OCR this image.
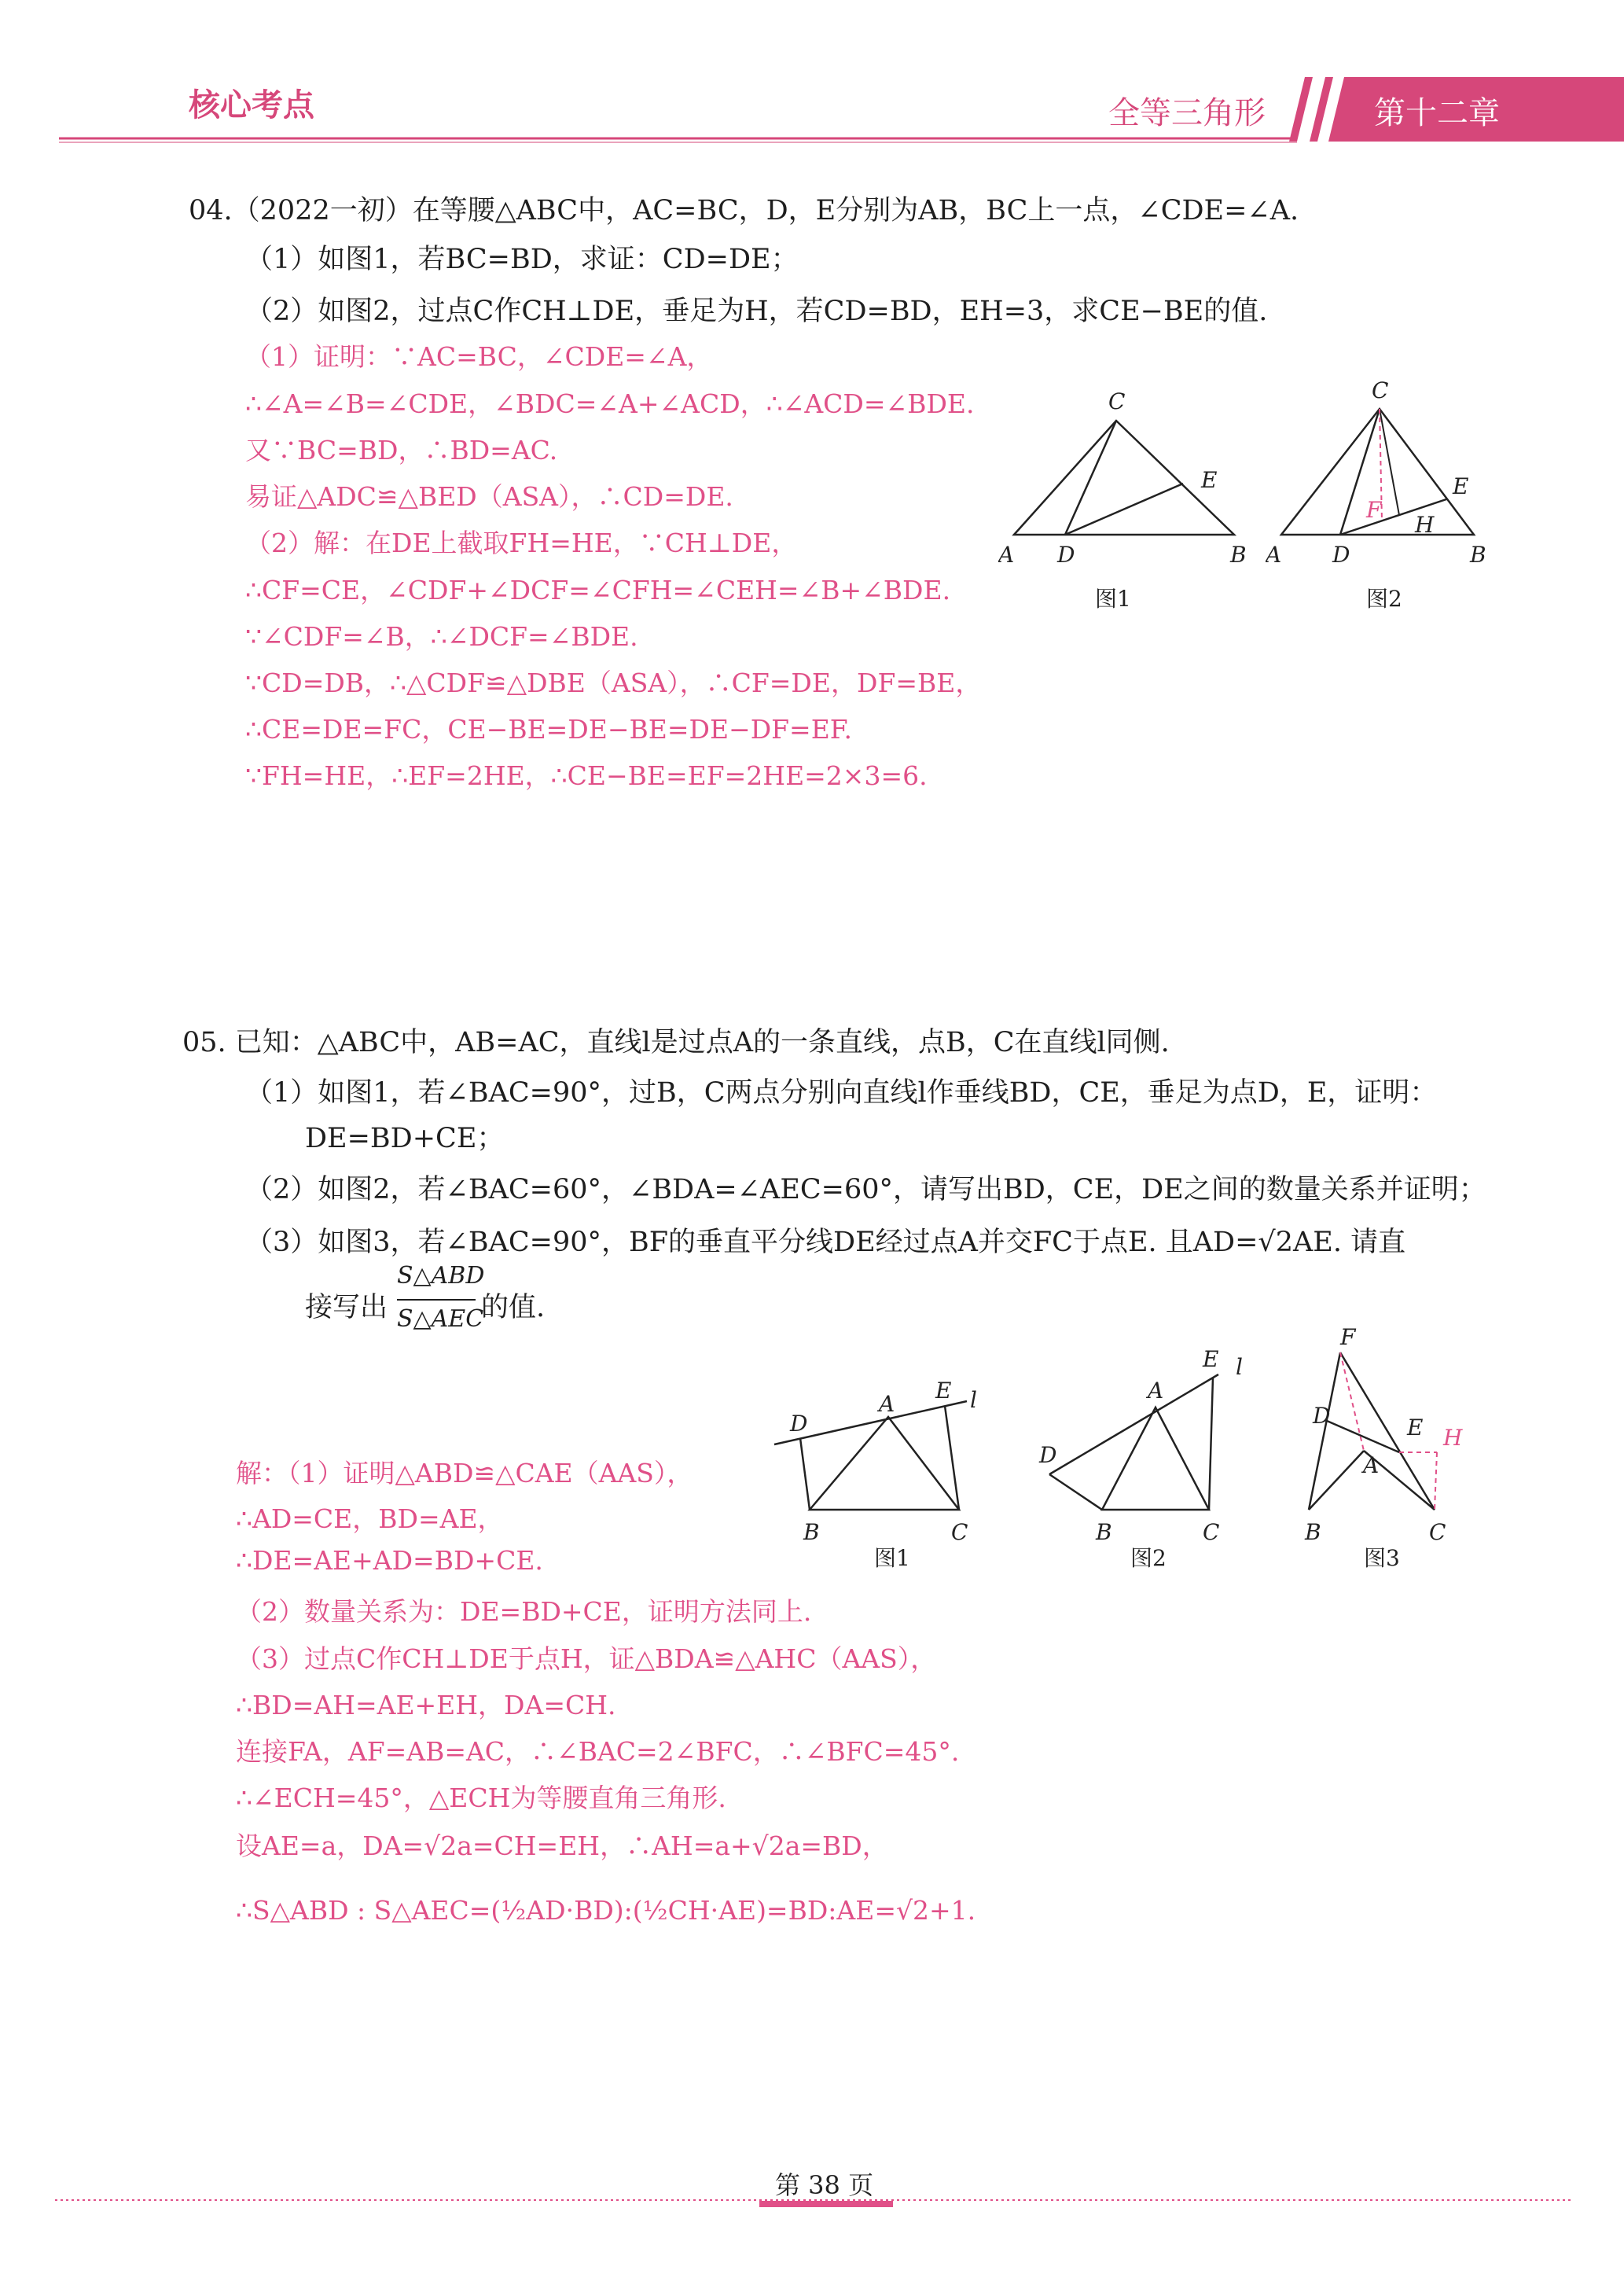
核心考点	全等三角形	第十二章
04.（2022一初）在等腰△ABC中，AC=BC，D，E分别为AB，BC上一点，∠CDE=∠A.
（1）如图1，若BC=BD，求证：CD=DE；
（2）如图2，过点C作CH⊥DE，垂足为H，若CD=BD，EH=3，求CE−BE的值.
（1）证明：∵AC=BC，∠CDE=∠A，
∴∠A=∠B=∠CDE，∠BDC=∠A+∠ACD，∴∠ACD=∠BDE.
又∵BC=BD，∴BD=AC.
易证△ADC≌△BED（ASA），∴CD=DE.
（2）解：在DE上截取FH=HE，∵CH⊥DE，
∴CF=CE，∠CDF+∠DCF=∠CFH=∠CEH=∠B+∠BDE.
∵∠CDF=∠B，∴∠DCF=∠BDE.
∵CD=DB，∴△CDF≌△DBE（ASA），∴CF=DE，DF=BE，
∴CE=DE=FC，CE−BE=DE−BE=DE−DF=EF.
∵FH=HE，∴EF=2HE，∴CE−BE=EF=2HE=2×3=6.
C
A D
E
B
图1
C
A D
E
B
F
H
图2
05. 已知：△ABC中，AB=AC，直线l是过点A的一条直线，点B，C在直线l同侧.
（1）如图1，若∠BAC=90°，过B，C两点分别向直线l作垂线BD，CE，垂足为点D，E，证明：
DE=BD+CE；
（2）如图2，若∠BAC=60°，∠BDA=∠AEC=60°，请写出BD，CE，DE之间的数量关系并证明；
（3）如图3，若∠BAC=90°，BF的垂直平分线DE经过点A并交FC于点E. 且AD=√2AE. 请直
接写出
S△ABD
S△AEC
的值.
解：（1）证明△ABD≌△CAE（AAS），
∴AD=CE，BD=AE，
∴DE=AE+AD=BD+CE.
（2）数量关系为：DE=BD+CE，证明方法同上.
（3）过点C作CH⊥DE于点H，证△BDA≌△AHC（AAS），
∴BD=AH=AE+EH，DA=CH.
连接FA，AF=AB=AC，∴∠BAC=2∠BFC，∴∠BFC=45°.
∴∠ECH=45°，△ECH为等腰直角三角形.
设AE=a，DA=√2a=CH=EH，∴AH=a+√2a=BD，
∴S△ABD : S△AEC=(½AD·BD):(½CH·AE)=BD:AE=√2+1.
D
A
E l
B	C
图1
D
A
E l
B	C
图2
F
D	E H
A
B	C
图3
第 38 页
